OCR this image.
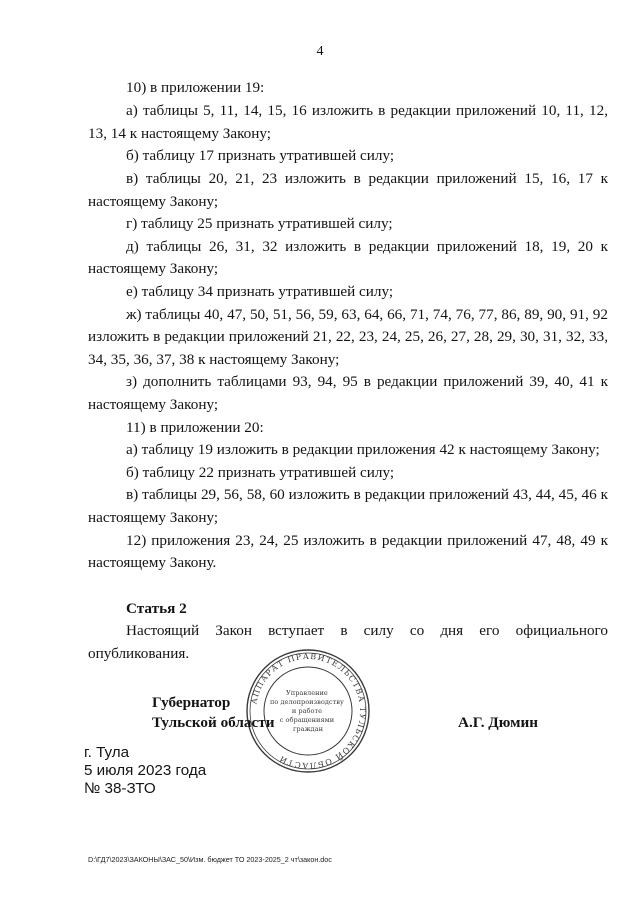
4
10) в приложении 19:
а) таблицы 5, 11, 14, 15, 16 изложить в редакции приложений 10, 11, 12,
13, 14 к настоящему Закону;
б) таблицу 17 признать утратившей силу;
в) таблицы 20, 21, 23 изложить в редакции приложений 15, 16, 17 к
настоящему Закону;
г) таблицу 25 признать утратившей силу;
д) таблицы 26, 31, 32 изложить в редакции приложений 18, 19, 20 к
настоящему Закону;
е) таблицу 34 признать утратившей силу;
ж) таблицы 40, 47, 50, 51, 56, 59, 63, 64, 66, 71, 74, 76, 77, 86, 89, 90, 91, 92
изложить в редакции приложений 21, 22, 23, 24, 25, 26, 27, 28, 29, 30, 31, 32, 33,
34, 35, 36, 37, 38 к настоящему Закону;
з) дополнить таблицами 93, 94, 95 в редакции приложений 39, 40, 41 к
настоящему Закону;
11) в приложении 20:
а) таблицу 19 изложить в редакции приложения 42 к настоящему Закону;
б) таблицу 22 признать утратившей силу;
в) таблицы 29, 56, 58, 60 изложить в редакции приложений 43, 44, 45, 46 к
настоящему Закону;
12) приложения 23, 24, 25 изложить в редакции приложений 47, 48, 49 к
настоящему Закону.
Статья 2
Настоящий Закон вступает в силу со дня его официального
опубликования.
АППАРАТ ПРАВИТЕЛЬСТВА ТУЛЬСКОЙ ОБЛАСТИ
Управление по делопроизводству и работе с обращениями граждан
Губернатор
Тульской области	А.Г. Дюмин
г. Тула
5 июля 2023 года
№ 38-ЗТО
D:\ГД7\2023\ЗАКОНЫ\ЗАС_50\Изм. бюджет ТО 2023-2025_2 чт\закон.doc
